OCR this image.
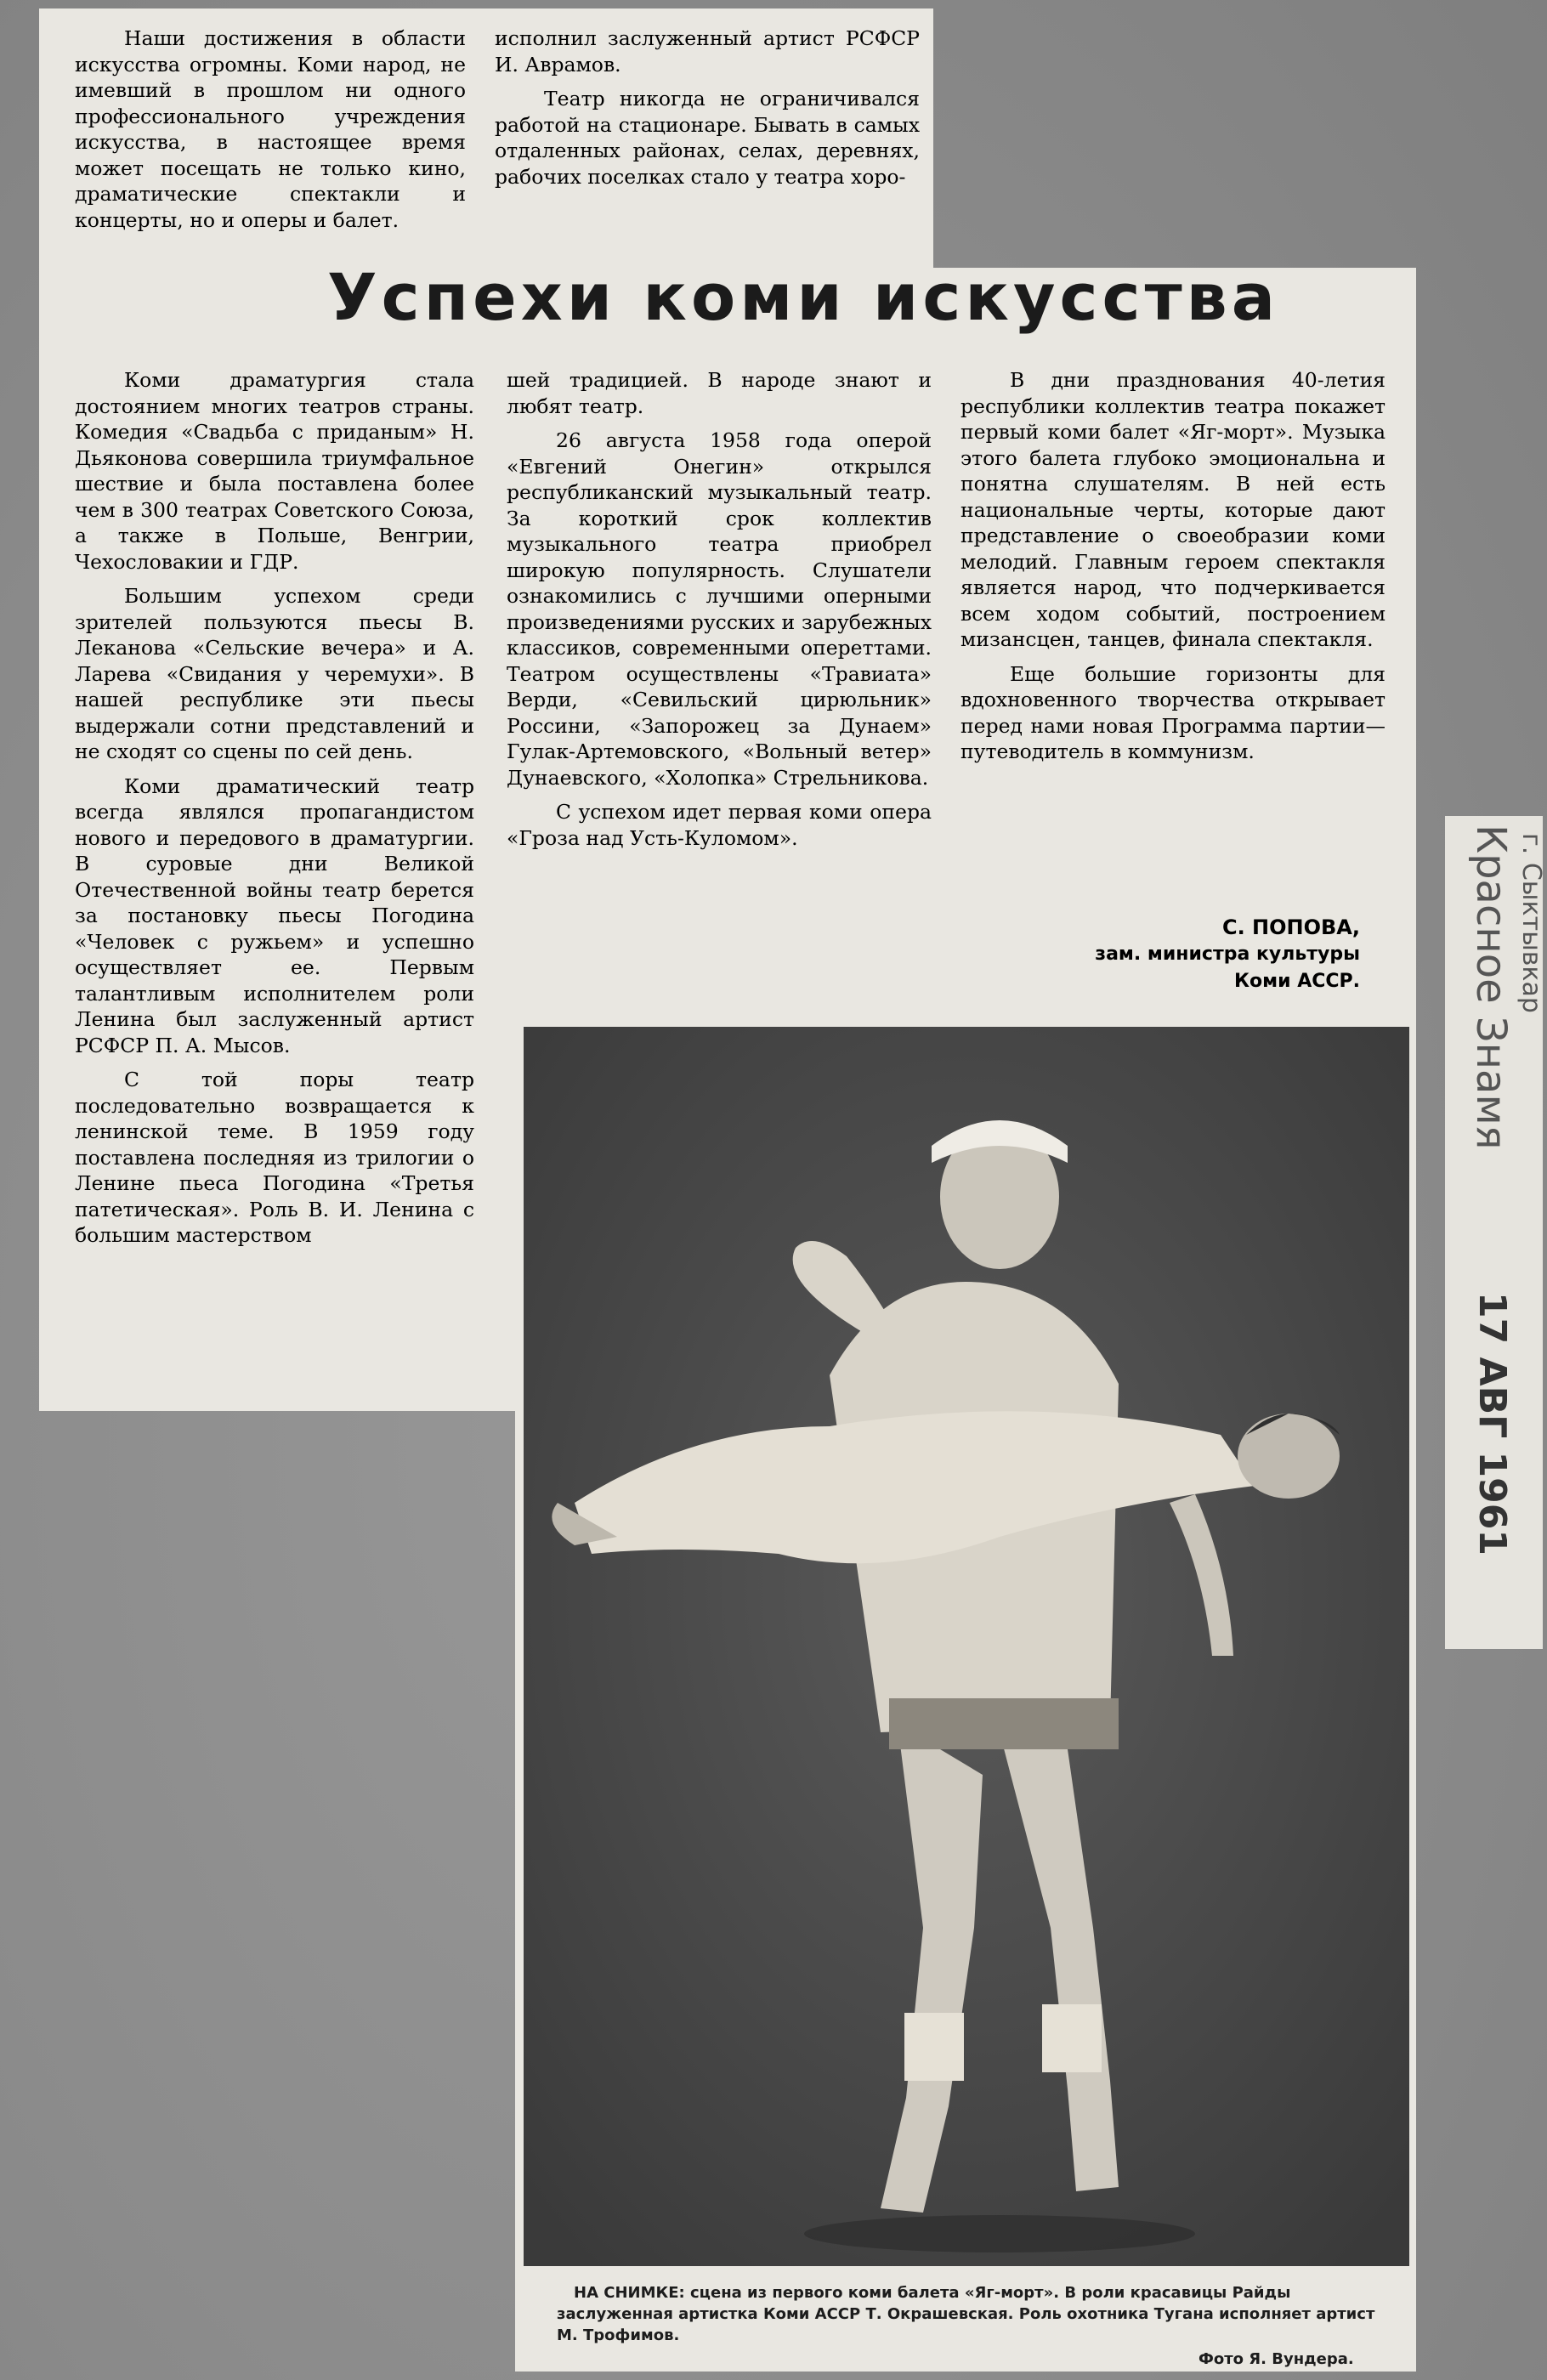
Наши достижения в области искусства огромны. Коми народ, не имевший в прошлом ни одного профессионального учреждения искусства, в настоящее время может посещать не только кино, драматические спектакли и концерты, но и оперы и балет.

исполнил заслуженный артист РСФСР И. Аврамов.

Театр никогда не ограничивался работой на стационаре. Бывать в самых отдаленных районах, селах, деревнях, рабочих поселках стало у театра хоро-

Успехи коми искусства

Коми драматургия стала достоянием многих театров страны. Комедия «Свадьба с приданым» Н. Дьяконова совершила триумфальное шествие и была поставлена более чем в 300 театрах Советского Союза, а также в Польше, Венгрии, Чехословакии и ГДР.

Большим успехом среди зрителей пользуются пьесы В. Леканова «Сельские вечера» и А. Ларева «Свидания у черемухи». В нашей республике эти пьесы выдержали сотни представлений и не сходят со сцены по сей день.

Коми драматический театр всегда являлся пропагандистом нового и передового в драматургии. В суровые дни Великой Отечественной войны театр берется за постановку пьесы Погодина «Человек с ружьем» и успешно осуществляет ее. Первым талантливым исполнителем роли Ленина был заслуженный артист РСФСР П. А. Мысов.

С той поры театр последовательно возвращается к ленинской теме. В 1959 году поставлена последняя из трилогии о Ленине пьеса Погодина «Третья патетическая». Роль В. И. Ленина с большим мастерством

шей традицией. В народе знают и любят театр.

26 августа 1958 года оперой «Евгений Онегин» открылся республиканский музыкальный театр. За короткий срок коллектив музыкального театра приобрел широкую популярность. Слушатели ознакомились с лучшими оперными произведениями русских и зарубежных классиков, современными опереттами. Театром осуществлены «Травиата» Верди, «Севильский цирюльник» Россини, «Запорожец за Дунаем» Гулак-Артемовского, «Вольный ветер» Дунаевского, «Холопка» Стрельникова.

С успехом идет первая коми опера «Гроза над Усть-Куломом».

В дни празднования 40-летия республики коллектив театра покажет первый коми балет «Яг-морт». Музыка этого балета глубоко эмоциональна и понятна слушателям. В ней есть национальные черты, которые дают представление о своеобразии коми мелодий. Главным героем спектакля является народ, что подчеркивается всем ходом событий, построением мизансцен, танцев, финала спектакля.

Еще большие горизонты для вдохновенного творчества открывает перед нами новая Программа партии—путеводитель в коммунизм.

С. ПОПОВА,
зам. министра культуры
Коми АССР.
НА СНИМКЕ: сцена из первого коми балета «Яг-морт». В роли красавицы Райды заслуженная артистка Коми АССР Т. Окрашевская. Роль охотника Тугана исполняет артист М. Трофимов.
Фото Я. Вундера.
Красное Знамя г. Сыктывкар
17 АВГ 1961
